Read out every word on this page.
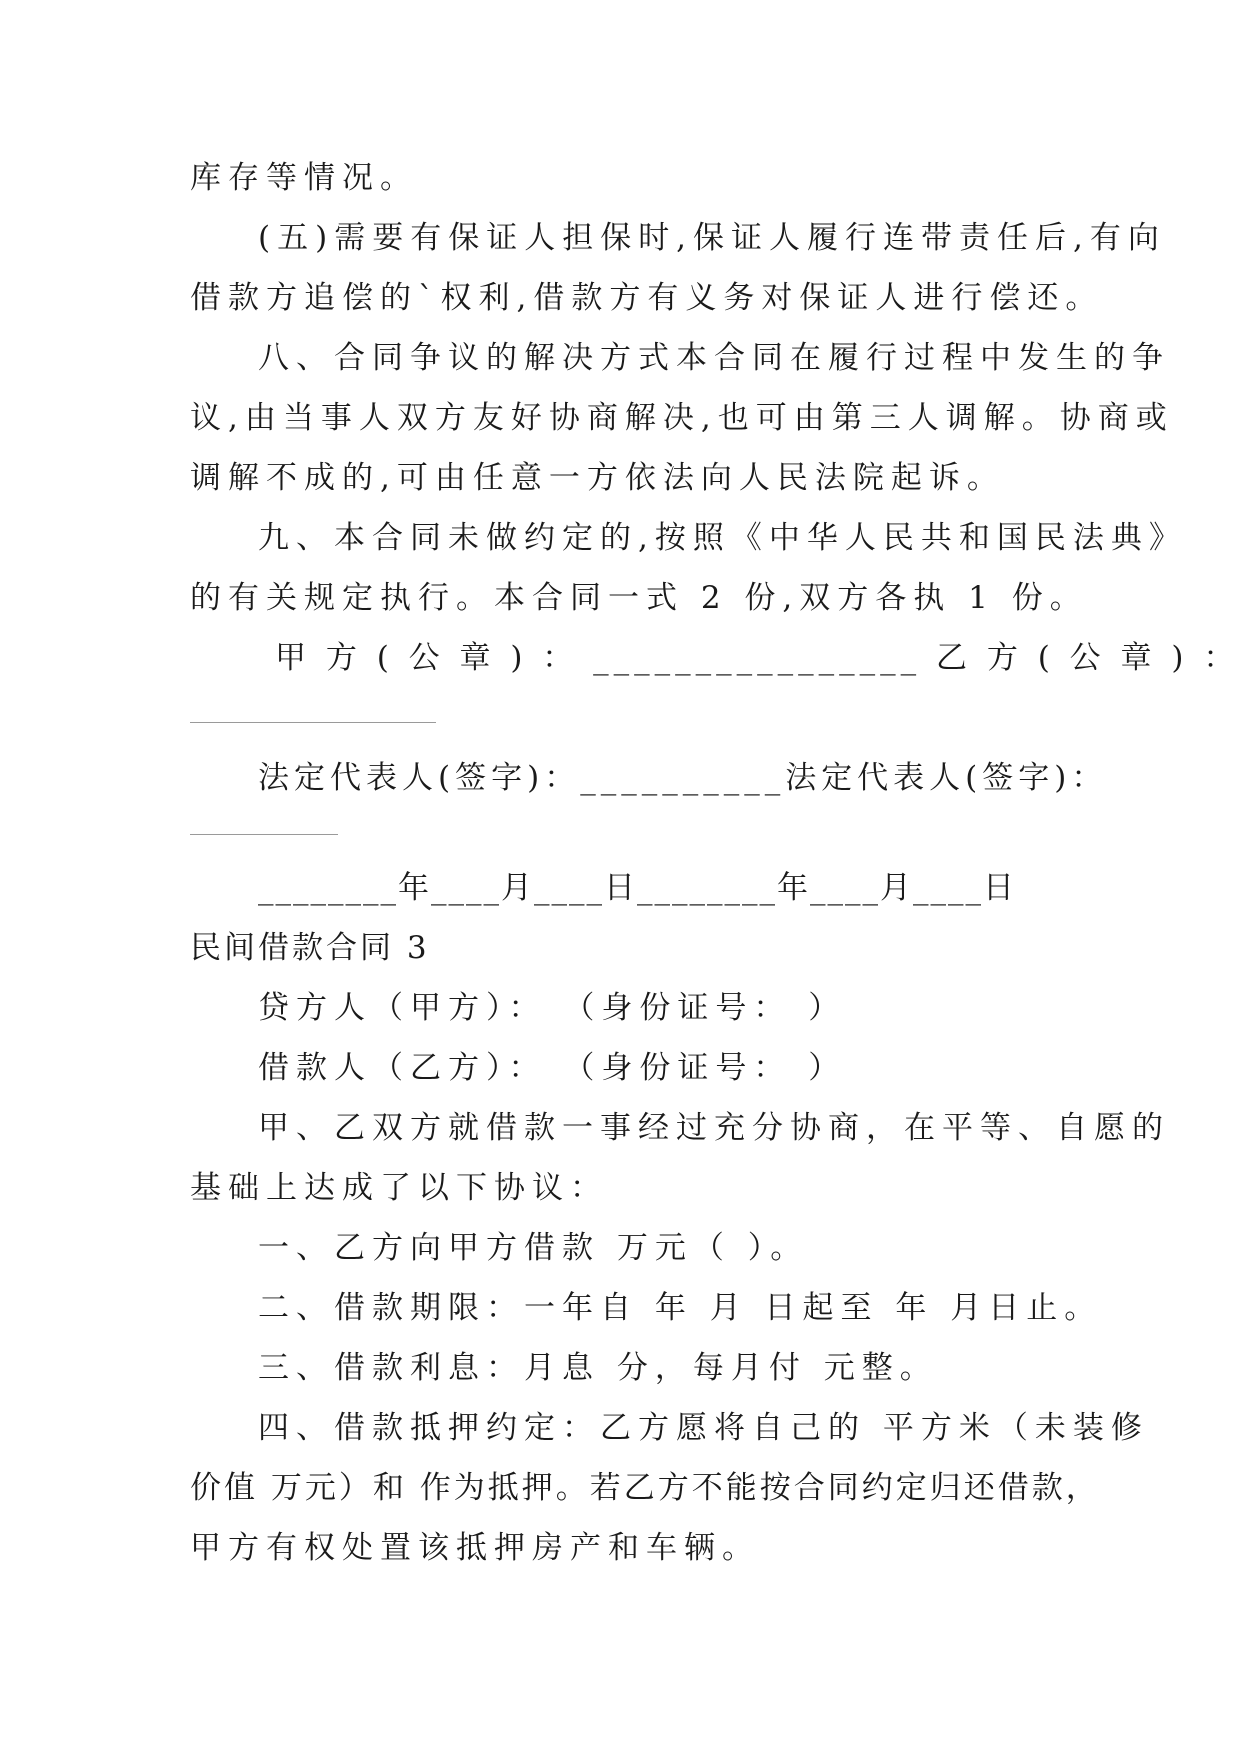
库存等情况。
(五)需要有保证人担保时,保证人履行连带责任后,有向
借款方追偿的`权利,借款方有义务对保证人进行偿还。
八、合同争议的解决方式本合同在履行过程中发生的争
议,由当事人双方友好协商解决,也可由第三人调解。协商或
调解不成的,可由任意一方依法向人民法院起诉。
九、本合同未做约定的,按照《中华人民共和国民法典》
的有关规定执行。本合同一式 2 份,双方各执 1 份。
甲 方 ( 公 章 ) ： ________________ 乙 方 ( 公 章 ) ：
法定代表人(签字)：__________法定代表人(签字)：
________年____月____日________年____月____日
民间借款合同 3
贷方人（甲方）： （身份证号： ）
借款人（乙方）： （身份证号： ）
甲、乙双方就借款一事经过充分协商，在平等、自愿的
基础上达成了以下协议：
一、乙方向甲方借款 万元（ ）。
二、借款期限：一年自 年 月 日起至 年 月日止。
三、借款利息：月息 分，每月付 元整。
四、借款抵押约定：乙方愿将自己的 平方米（未装修
价值 万元）和 作为抵押。若乙方不能按合同约定归还借款，
甲方有权处置该抵押房产和车辆。
